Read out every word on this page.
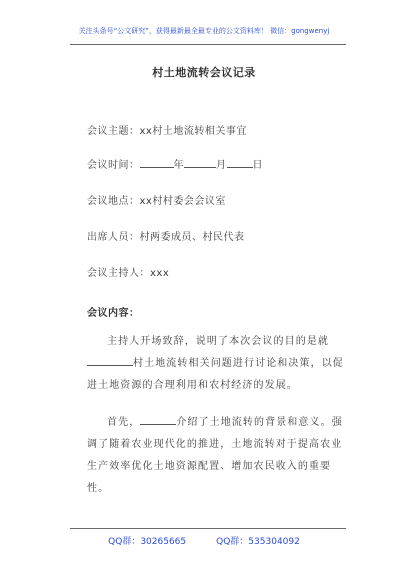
关注头条号“公文研究”，获得最新最全最专业的公文资料库！ 微信：gongwenyj
村土地流转会议记录
会议主题：xx村土地流转相关事宜
会议时间：	年	月	日
会议地点：xx村村委会会议室
出席人员：村两委成员、村民代表
会议主持人：xxx
会议内容：

主持人开场致辞，说明了本次会议的目的是就村土地流转相关问题进行讨论和决策，以促进土地资源的合理利用和农村经济的发展。

首先，	介绍了土地流转的背景和意义。强调了随着农业现代化的推进，土地流转对于提高农业生产效率优化土地资源配置、增加农民收入的重要性。

QQ群：30265665	QQ群：535304092
